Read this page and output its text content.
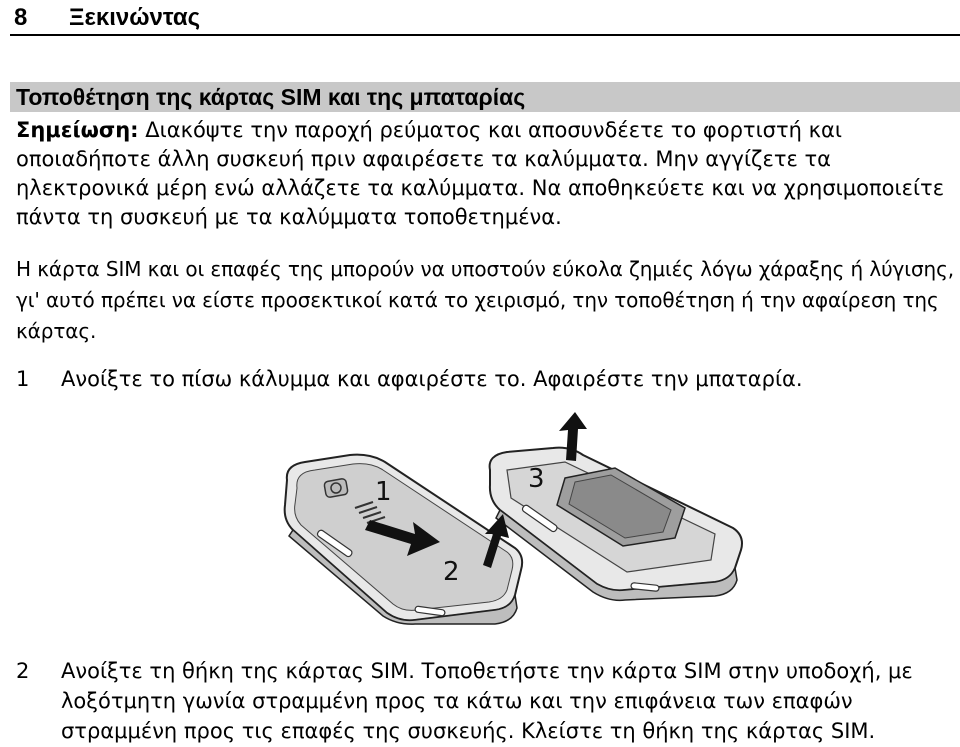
8 Ξεκινώντας
Τοποθέτηση της κάρτας SIM και της μπαταρίας
Σημείωση: Διακόψτε την παροχή ρεύματος και αποσυνδέετε το φορτιστή και οποιαδήποτε άλλη συσκευή πριν αφαιρέσετε τα καλύμματα. Μην αγγίζετε τα ηλεκτρονικά μέρη ενώ αλλάζετε τα καλύμματα. Να αποθηκεύετε και να χρησιμοποιείτε πάντα τη συσκευή με τα καλύμματα τοποθετημένα.
Η κάρτα SIM και οι επαφές της μπορούν να υποστούν εύκολα ζημιές λόγω χάραξης ή λύγισης, γι' αυτό πρέπει να είστε προσεκτικοί κατά το χειρισμό, την τοποθέτηση ή την αφαίρεση της κάρτας.
1 Ανοίξτε το πίσω κάλυμμα και αφαιρέστε το. Αφαιρέστε την μπαταρία.
1
2
3
2 Ανοίξτε τη θήκη της κάρτας SIM. Τοποθετήστε την κάρτα SIM στην υποδοχή, με λοξότμητη γωνία στραμμένη προς τα κάτω και την επιφάνεια των επαφών στραμμένη προς τις επαφές της συσκευής. Κλείστε τη θήκη της κάρτας SIM.
